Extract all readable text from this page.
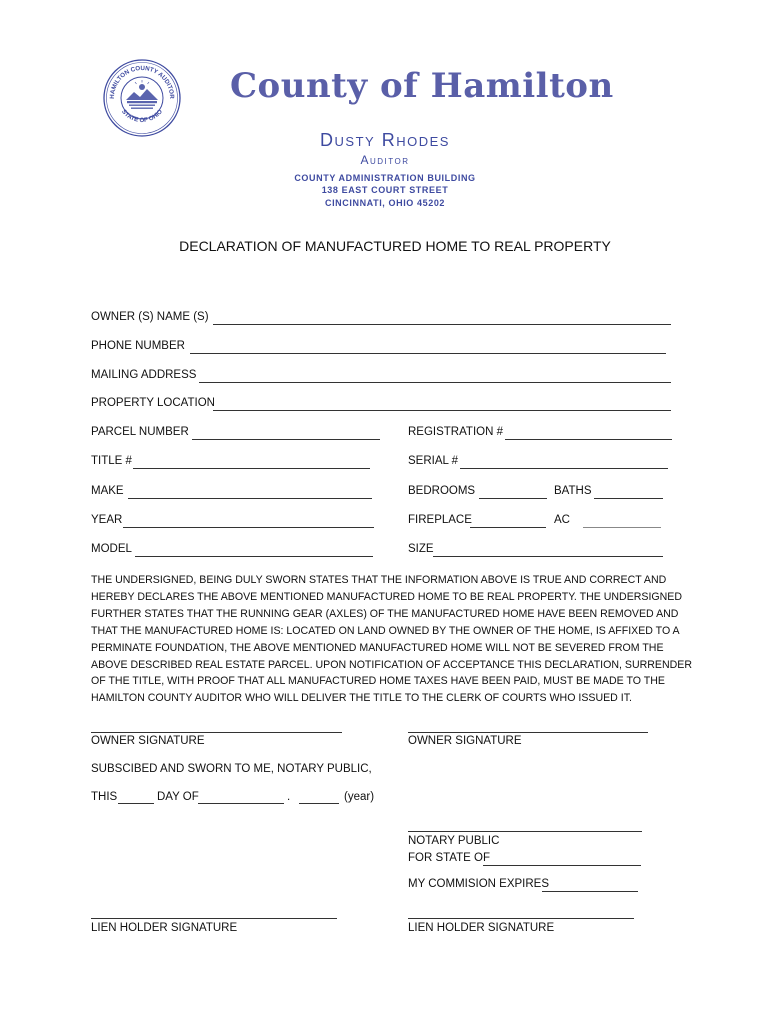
HAMILTON COUNTY AUDITOR
STATE OF OHIO
County of Hamilton
Dusty Rhodes
Auditor
COUNTY ADMINISTRATION BUILDING
138 EAST COURT STREET
CINCINNATI, OHIO 45202
DECLARATION OF MANUFACTURED HOME TO REAL PROPERTY
OWNER (S) NAME (S)
PHONE NUMBER
MAILING ADDRESS
PROPERTY LOCATION
PARCEL NUMBER	REGISTRATION #
TITLE #	SERIAL #
MAKE	BEDROOMS	BATHS
YEAR	FIREPLACE	AC
MODEL	SIZE
THE UNDERSIGNED, BEING DULY SWORN STATES THAT THE INFORMATION ABOVE IS TRUE AND CORRECT AND
HEREBY DECLARES THE ABOVE MENTIONED MANUFACTURED HOME TO BE REAL PROPERTY. THE UNDERSIGNED
FURTHER STATES THAT THE RUNNING GEAR (AXLES) OF THE MANUFACTURED HOME HAVE BEEN REMOVED AND
THAT THE MANUFACTURED HOME IS: LOCATED ON LAND OWNED BY THE OWNER OF THE HOME, IS AFFIXED TO A
PERMINATE FOUNDATION, THE ABOVE MENTIONED MANUFACTURED HOME WILL NOT BE SEVERED FROM THE
ABOVE DESCRIBED REAL ESTATE PARCEL. UPON NOTIFICATION OF ACCEPTANCE THIS DECLARATION, SURRENDER
OF THE TITLE, WITH PROOF THAT ALL MANUFACTURED HOME TAXES HAVE BEEN PAID, MUST BE MADE TO THE
HAMILTON COUNTY AUDITOR WHO WILL DELIVER THE TITLE TO THE CLERK OF COURTS WHO ISSUED IT.
OWNER SIGNATURE	OWNER SIGNATURE
SUBSCIBED AND SWORN TO ME, NOTARY PUBLIC,
THIS	DAY OF	.	(year)
NOTARY PUBLIC
FOR STATE OF
MY COMMISION EXPIRES
LIEN HOLDER SIGNATURE	LIEN HOLDER SIGNATURE
